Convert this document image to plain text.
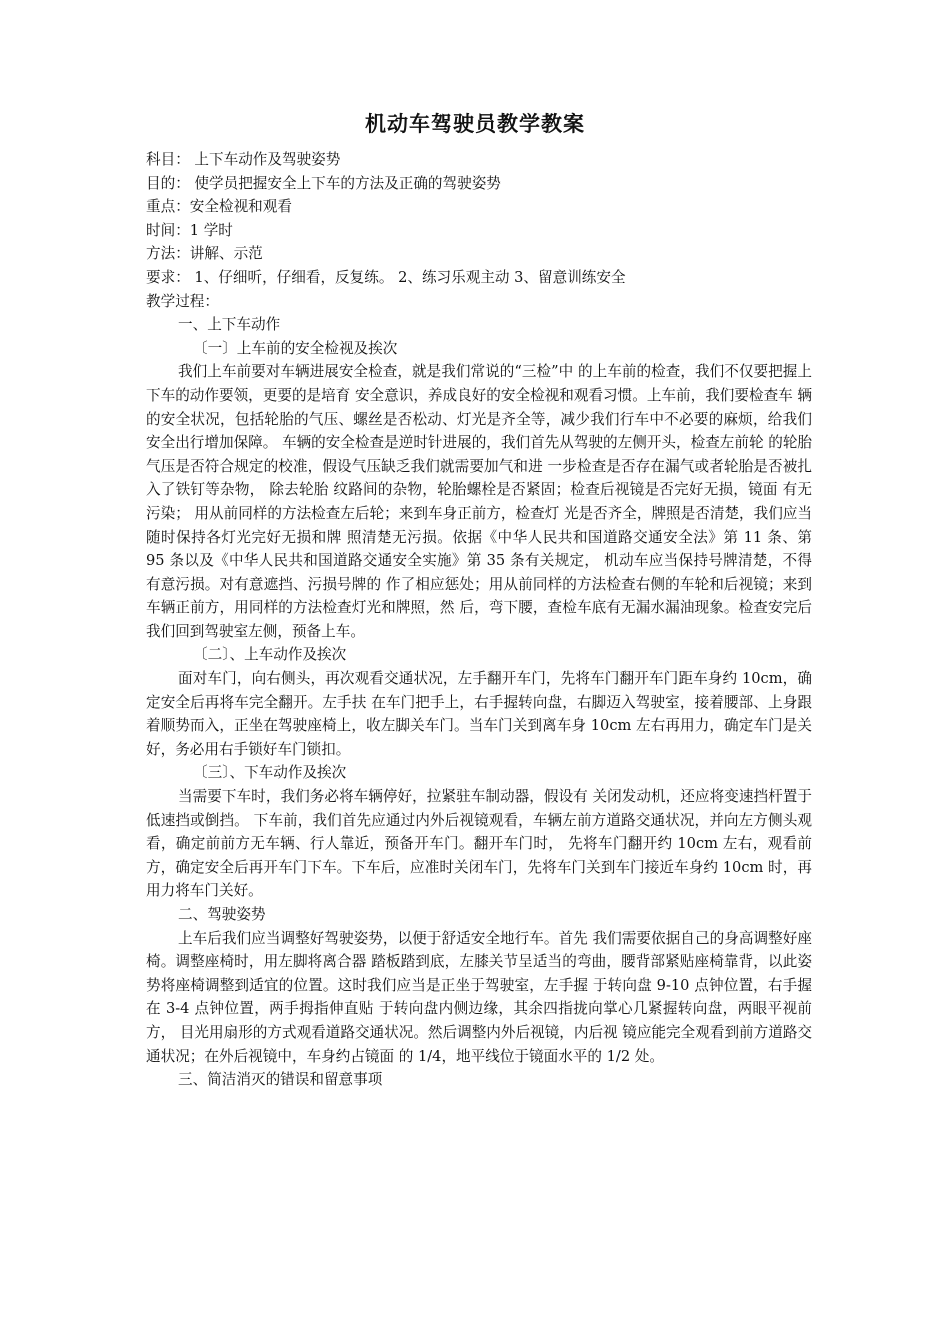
机动车驾驶员教学教案
科目： 上下车动作及驾驶姿势
目的： 使学员把握安全上下车的方法及正确的驾驶姿势
重点：安全检视和观看
时间：1 学时
方法：讲解、示范
要求： 1、仔细听，仔细看，反复练。 2、练习乐观主动 3、留意训练安全
教学过程：
一、上下车动作
〔一〕上车前的安全检视及挨次

我们上车前要对车辆进展安全检查，就是我们常说的“三检”中 的上车前的检查，我们不仅要把握上下车的动作要领，更要的是培育 安全意识，养成良好的安全检视和观看习惯。上车前，我们要检查车 辆的安全状况，包括轮胎的气压、螺丝是否松动、灯光是齐全等，减少我们行车中不必要的麻烦，给我们安全出行增加保障。 车辆的安全检查是逆时针进展的，我们首先从驾驶的左侧开头，检查左前轮 的轮胎气压是否符合规定的校准，假设气压缺乏我们就需要加气和进 一步检查是否存在漏气或者轮胎是否被扎入了铁钉等杂物， 除去轮胎 纹路间的杂物，轮胎螺栓是否紧固；检查后视镜是否完好无损，镜面 有无污染； 用从前同样的方法检查左后轮；来到车身正前方，检查灯 光是否齐全，牌照是否清楚，我们应当随时保持各灯光完好无损和牌 照清楚无污损。依据《中华人民共和国道路交通安全法》第 11 条、第 95 条以及《中华人民共和国道路交通安全实施》第 35 条有关规定， 机动车应当保持号牌清楚，不得有意污损。对有意遮挡、污损号牌的 作了相应惩处；用从前同样的方法检查右侧的车轮和后视镜；来到车辆正前方，用同样的方法检查灯光和牌照，然 后，弯下腰，查检车底有无漏水漏油现象。检查安完后我们回到驾驶室左侧，预备上车。

〔二〕、上车动作及挨次

面对车门，向右侧头，再次观看交通状况，左手翻开车门，先将车门翻开车门距车身约 10cm，确定安全后再将车完全翻开。左手扶 在车门把手上，右手握转向盘，右脚迈入驾驶室，接着腰部、上身跟着顺势而入，正坐在驾驶座椅上，收左脚关车门。当车门关到离车身 10cm 左右再用力，确定车门是关好，务必用右手锁好车门锁扣。

〔三〕、下车动作及挨次

当需要下车时，我们务必将车辆停好，拉紧驻车制动器，假设有 关闭发动机，还应将变速挡杆置于低速挡或倒挡。 下车前，我们首先应通过内外后视镜观看，车辆左前方道路交通状况，并向左方侧头观看，确定前前方无车辆、行人靠近，预备开车门。翻开车门时， 先将车门翻开约 10cm 左右，观看前方，确定安全后再开车门下车。下车后，应准时关闭车门，先将车门关到车门接近车身约 10cm 时，再用力将车门关好。

二、驾驶姿势

上车后我们应当调整好驾驶姿势，以便于舒适安全地行车。首先 我们需要依据自己的身高调整好座椅。调整座椅时，用左脚将离合器 踏板踏到底，左膝关节呈适当的弯曲，腰背部紧贴座椅靠背，以此姿 势将座椅调整到适宜的位置。这时我们应当是正坐于驾驶室，左手握 于转向盘 9-10 点钟位置，右手握在 3-4 点钟位置，两手拇指伸直贴 于转向盘内侧边缘，其余四指拢向掌心几紧握转向盘，两眼平视前方， 目光用扇形的方式观看道路交通状况。然后调整内外后视镜，内后视 镜应能完全观看到前方道路交通状况；在外后视镜中，车身约占镜面 的 1/4，地平线位于镜面水平的 1/2 处。

三、简洁消灭的错误和留意事项
